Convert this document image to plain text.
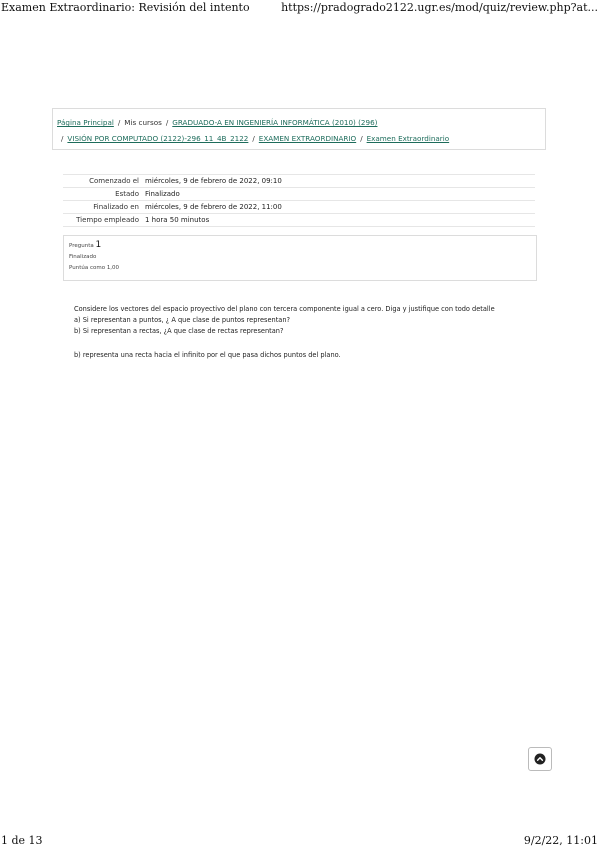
Examen Extraordinario: Revisión del intento	https://pradogrado2122.ugr.es/mod/quiz/review.php?at...
Página Principal / Mis cursos / GRADUADO-A EN INGENIERÍA INFORMÁTICA (2010) (296)
/ VISIÓN POR COMPUTADO (2122)-296_11_4B_2122 / EXAMEN EXTRAORDINARIO / Examen Extraordinario
Comenzado el	miércoles, 9 de febrero de 2022, 09:10
Estado	Finalizado
Finalizado en	miércoles, 9 de febrero de 2022, 11:00
Tiempo empleado	1 hora 50 minutos
Pregunta 1
Finalizado
Puntúa como 1,00

Considere los vectores del espacio proyectivo del plano con tercera componente igual a cero. Diga y justifique con todo detalle

a) Si representan a puntos, ¿ A que clase de puntos representan?

b) Si representan a rectas, ¿A que clase de rectas representan?

b) representa una recta hacia el infinito por el que pasa dichos puntos del plano.

1 de 13	9/2/22, 11:01
